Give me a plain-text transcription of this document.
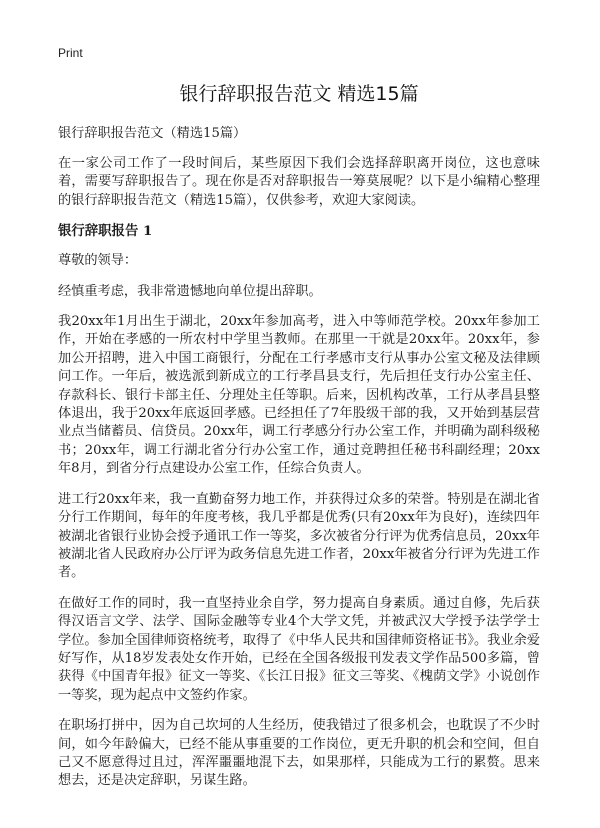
Print
银行辞职报告范文 精选15篇

银行辞职报告范文（精选15篇）

在一家公司工作了一段时间后，某些原因下我们会选择辞职离开岗位，这也意味着，需要写辞职报告了。现在你是否对辞职报告一筹莫展呢？以下是小编精心整理的银行辞职报告范文（精选15篇），仅供参考，欢迎大家阅读。

银行辞职报告 1

尊敬的领导：

经慎重考虑，我非常遗憾地向单位提出辞职。

我20xx年1月出生于湖北，20xx年参加高考，进入中等师范学校。20xx年参加工作，开始在孝感的一所农村中学里当教师。在那里一干就是20xx年。20xx年，参加公开招聘，进入中国工商银行，分配在工行孝感市支行从事办公室文秘及法律顾问工作。一年后，被选派到新成立的工行孝昌县支行，先后担任支行办公室主任、存款科长、银行卡部主任、分理处主任等职。后来，因机构改革，工行从孝昌县整体退出，我于20xx年底返回孝感。已经担任了7年股级干部的我，又开始到基层营业点当储蓄员、信贷员。20xx年，调工行孝感分行办公室工作，并明确为副科级秘书；20xx年，调工行湖北省分行办公室工作，通过竞聘担任秘书科副经理；20xx年8月，到省分行点建设办公室工作，任综合负责人。

进工行20xx年来，我一直勤奋努力地工作，并获得过众多的荣誉。特别是在湖北省分行工作期间，每年的年度考核，我几乎都是优秀(只有20xx年为良好)，连续四年被湖北省银行业协会授予通讯工作一等奖，多次被省分行评为优秀信息员，20xx年被湖北省人民政府办公厅评为政务信息先进工作者，20xx年被省分行评为先进工作者。

在做好工作的同时，我一直坚持业余自学，努力提高自身素质。通过自修，先后获得汉语言文学、法学、国际金融等专业4个大学文凭，并被武汉大学授予法学学士学位。参加全国律师资格统考，取得了《中华人民共和国律师资格证书》。我业余爱好写作，从18岁发表处女作开始，已经在全国各级报刊发表文学作品500多篇，曾获得《中国青年报》征文一等奖、《长江日报》征文三等奖、《槐荫文学》小说创作一等奖，现为起点中文签约作家。

在职场打拼中，因为自己坎坷的人生经历，使我错过了很多机会，也耽误了不少时间，如今年龄偏大，已经不能从事重要的工作岗位，更无升职的机会和空间，但自己又不愿意得过且过，浑浑噩噩地混下去，如果那样，只能成为工行的累赘。思来想去，还是决定辞职，另谋生路。
